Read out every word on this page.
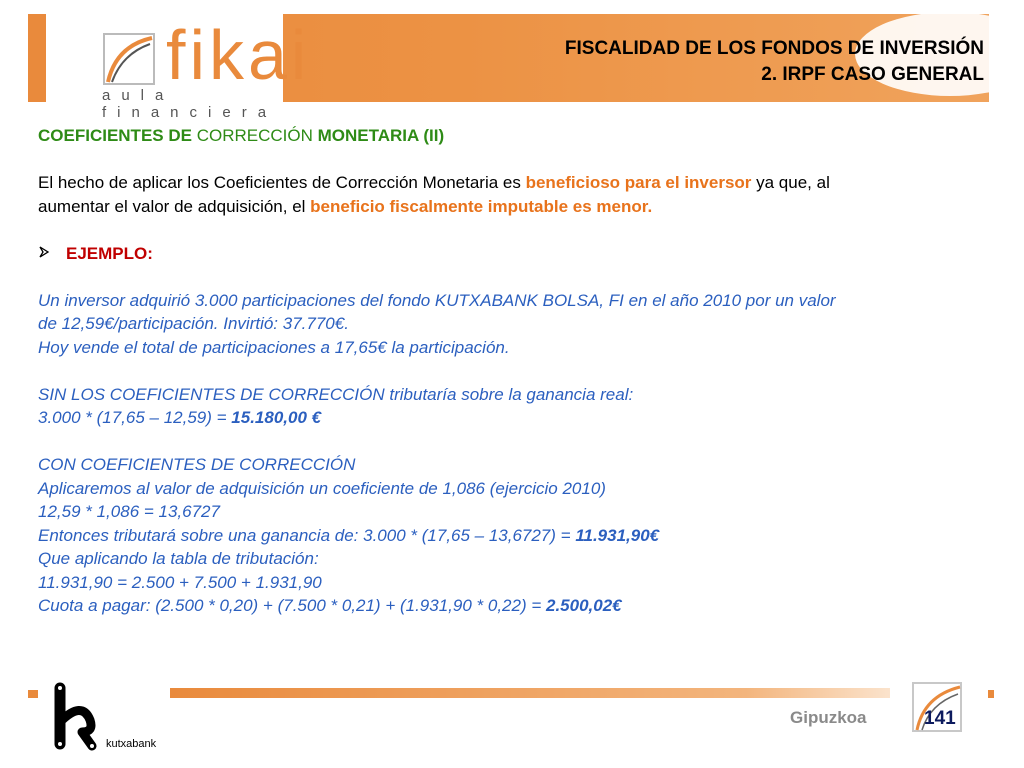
fikai
aula financiera
FISCALIDAD DE LOS FONDOS DE INVERSIÓN
2. IRPF CASO GENERAL

COEFICIENTES DE CORRECCIÓN MONETARIA (II)

El hecho de aplicar los Coeficientes de Corrección Monetaria es beneficioso para el inversor ya que, al
aumentar el valor de adquisición, el beneficio fiscalmente imputable es menor.

EJEMPLO:

Un inversor adquirió 3.000 participaciones del fondo KUTXABANK BOLSA, FI en el año 2010 por un valor

de 12,59€/participación. Invirtió: 37.770€.

Hoy vende el total de participaciones a 17,65€ la participación.

SIN LOS COEFICIENTES DE CORRECCIÓN tributaría sobre la ganancia real:

3.000 * (17,65 – 12,59) = 15.180,00 €

CON COEFICIENTES DE CORRECCIÓN

Aplicaremos al valor de adquisición un coeficiente de 1,086 (ejercicio 2010)

12,59 * 1,086 = 13,6727

Entonces tributará sobre una ganancia de: 3.000 * (17,65 – 13,6727) = 11.931,90€

Que aplicando la tabla de tributación:

11.931,90 = 2.500 + 7.500 + 1.931,90

Cuota a pagar: (2.500 * 0,20) + (7.500 * 0,21) + (1.931,90 * 0,22) = 2.500,02€

kutxabank
Gipuzkoa	141
